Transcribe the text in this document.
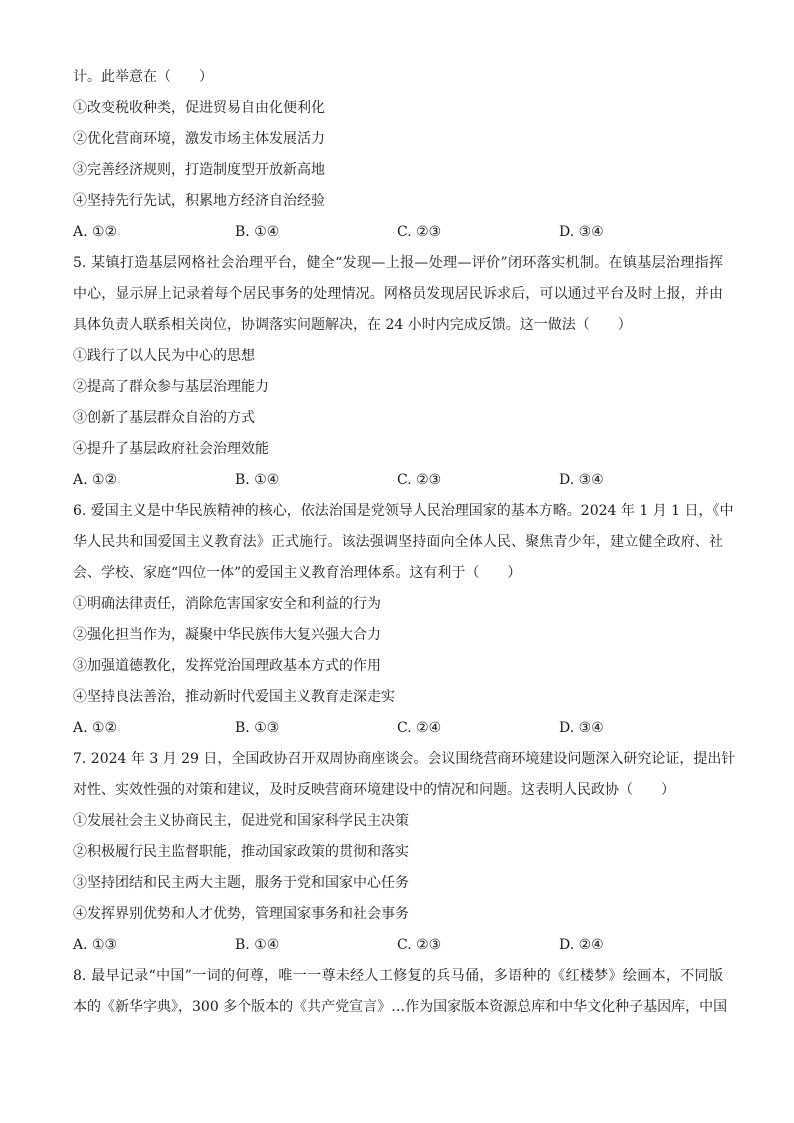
计。此举意在（　　）
①改变税收种类，促进贸易自由化便利化
②优化营商环境，激发市场主体发展活力
③完善经济规则，打造制度型开放新高地
④坚持先行先试，积累地方经济自治经验
A. ①②	B. ①④	C. ②③	D. ③④
5. 某镇打造基层网格社会治理平台，健全“发现—上报—处理—评价”闭环落实机制。在镇基层治理指挥
中心，显示屏上记录着每个居民事务的处理情况。网格员发现居民诉求后，可以通过平台及时上报，并由
具体负责人联系相关岗位，协调落实问题解决，在 24 小时内完成反馈。这一做法（　　）
①践行了以人民为中心的思想
②提高了群众参与基层治理能力
③创新了基层群众自治的方式
④提升了基层政府社会治理效能
A. ①②	B. ①④	C. ②③	D. ③④
6. 爱国主义是中华民族精神的核心，依法治国是党领导人民治理国家的基本方略。2024 年 1 月 1 日，《中
华人民共和国爱国主义教育法》正式施行。该法强调坚持面向全体人民、聚焦青少年，建立健全政府、社
会、学校、家庭“四位一体”的爱国主义教育治理体系。这有利于（　　）
①明确法律责任，消除危害国家安全和利益的行为
②强化担当作为，凝聚中华民族伟大复兴强大合力
③加强道德教化，发挥党治国理政基本方式的作用
④坚持良法善治，推动新时代爱国主义教育走深走实
A. ①②	B. ①③	C. ②④	D. ③④
7. 2024 年 3 月 29 日，全国政协召开双周协商座谈会。会议围绕营商环境建设问题深入研究论证，提出针
对性、实效性强的对策和建议，及时反映营商环境建设中的情况和问题。这表明人民政协（　　）
①发展社会主义协商民主，促进党和国家科学民主决策
②积极履行民主监督职能，推动国家政策的贯彻和落实
③坚持团结和民主两大主题，服务于党和国家中心任务
④发挥界别优势和人才优势，管理国家事务和社会事务
A. ①③	B. ①④	C. ②③	D. ②④
8. 最早记录“中国”一词的何尊，唯一一尊未经人工修复的兵马俑，多语种的《红楼梦》绘画本，不同版
本的《新华字典》，300 多个版本的《共产党宣言》…作为国家版本资源总库和中华文化种子基因库，中国
